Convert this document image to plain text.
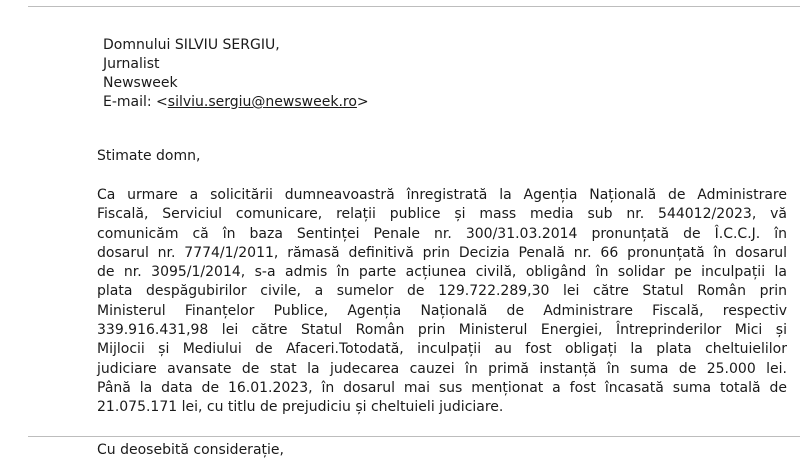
Domnului SILVIU SERGIU,
Jurnalist
Newsweek
E-mail: <silviu.sergiu@newsweek.ro>
Stimate domn,
Ca urmare a solicitării dumneavoastră înregistrată la Agenția Națională de Administrare
Fiscală, Serviciul comunicare, relații publice și mass media sub nr. 544012/2023, vă
comunicăm că în baza Sentinței Penale nr. 300/31.03.2014 pronunțată de Î.C.C.J. în
dosarul nr. 7774/1/2011, rămasă definitivă prin Decizia Penală nr. 66 pronunțată în dosarul
de nr. 3095/1/2014, s-a admis în parte acțiunea civilă, obligând în solidar pe inculpații la
plata despăgubirilor civile, a sumelor de 129.722.289,30 lei către Statul Român prin
Ministerul Finanțelor Publice, Agenția Națională de Administrare Fiscală, respectiv
339.916.431,98 lei către Statul Român prin Ministerul Energiei, Întreprinderilor Mici și
Mijlocii și Mediului de Afaceri.Totodată, inculpații au fost obligați la plata cheltuielilor
judiciare avansate de stat la judecarea cauzei în primă instanță în suma de 25.000 lei.
Până la data de 16.01.2023, în dosarul mai sus menționat a fost încasată suma totală de
21.075.171 lei, cu titlu de prejudiciu și cheltuieli judiciare.
Cu deosebită considerație,
